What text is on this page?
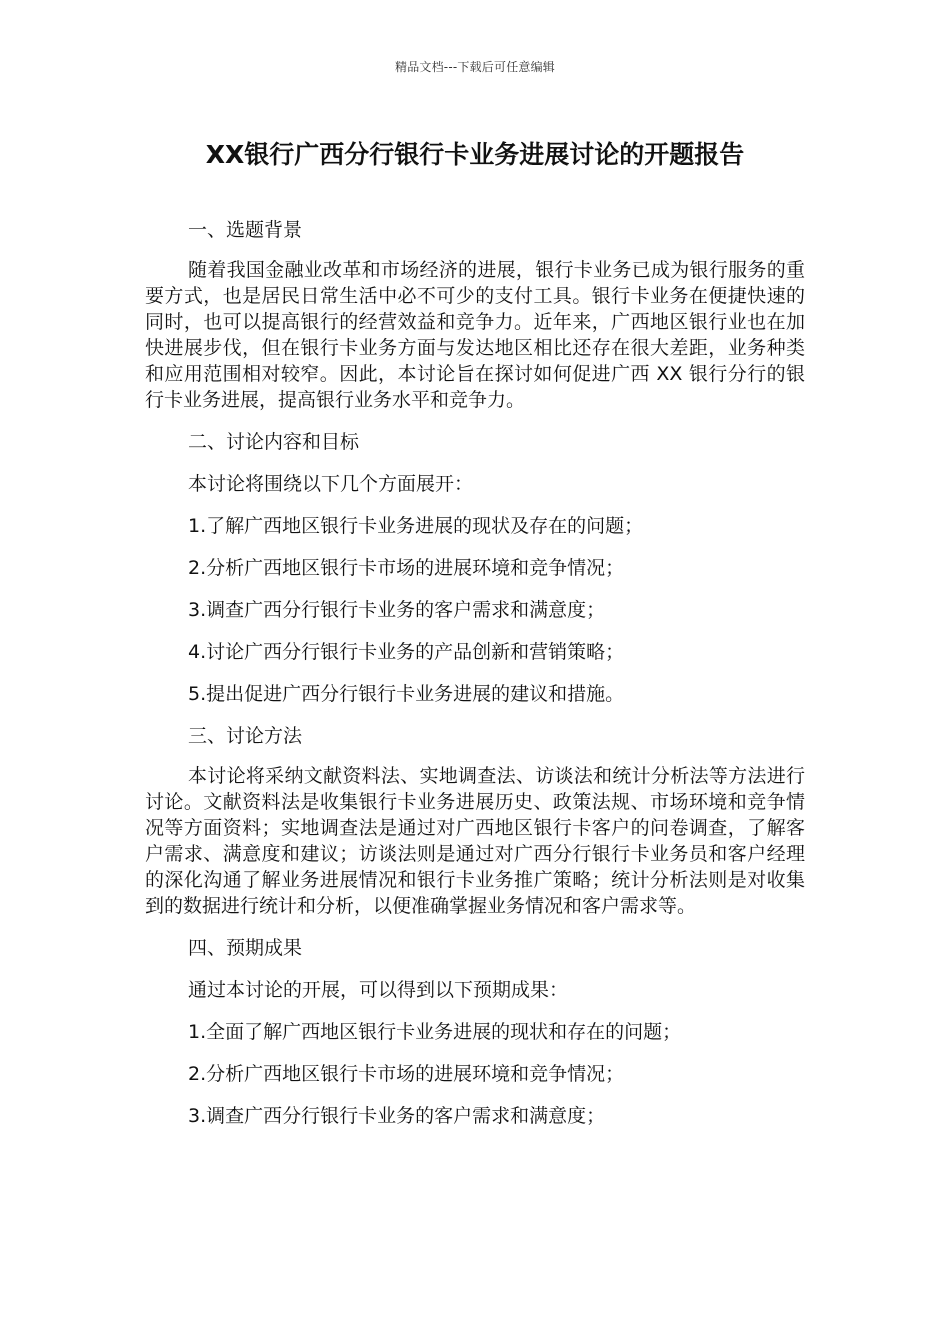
精品文档---下载后可任意编辑
XX银行广西分行银行卡业务进展讨论的开题报告

一、选题背景

随着我国金融业改革和市场经济的进展，银行卡业务已成为银行服务的重要方式，也是居民日常生活中必不可少的支付工具。银行卡业务在便捷快速的同时，也可以提高银行的经营效益和竞争力。近年来，广西地区银行业也在加快进展步伐，但在银行卡业务方面与发达地区相比还存在很大差距，业务种类和应用范围相对较窄。因此，本讨论旨在探讨如何促进广西 XX 银行分行的银行卡业务进展，提高银行业务水平和竞争力。

二、讨论内容和目标

本讨论将围绕以下几个方面展开：

1.了解广西地区银行卡业务进展的现状及存在的问题；

2.分析广西地区银行卡市场的进展环境和竞争情况；

3.调查广西分行银行卡业务的客户需求和满意度；

4.讨论广西分行银行卡业务的产品创新和营销策略；

5.提出促进广西分行银行卡业务进展的建议和措施。

三、讨论方法

本讨论将采纳文献资料法、实地调查法、访谈法和统计分析法等方法进行讨论。文献资料法是收集银行卡业务进展历史、政策法规、市场环境和竞争情况等方面资料；实地调查法是通过对广西地区银行卡客户的问卷调查，了解客户需求、满意度和建议；访谈法则是通过对广西分行银行卡业务员和客户经理的深化沟通了解业务进展情况和银行卡业务推广策略；统计分析法则是对收集到的数据进行统计和分析，以便准确掌握业务情况和客户需求等。

四、预期成果

通过本讨论的开展，可以得到以下预期成果：

1.全面了解广西地区银行卡业务进展的现状和存在的问题；

2.分析广西地区银行卡市场的进展环境和竞争情况；

3.调查广西分行银行卡业务的客户需求和满意度；
